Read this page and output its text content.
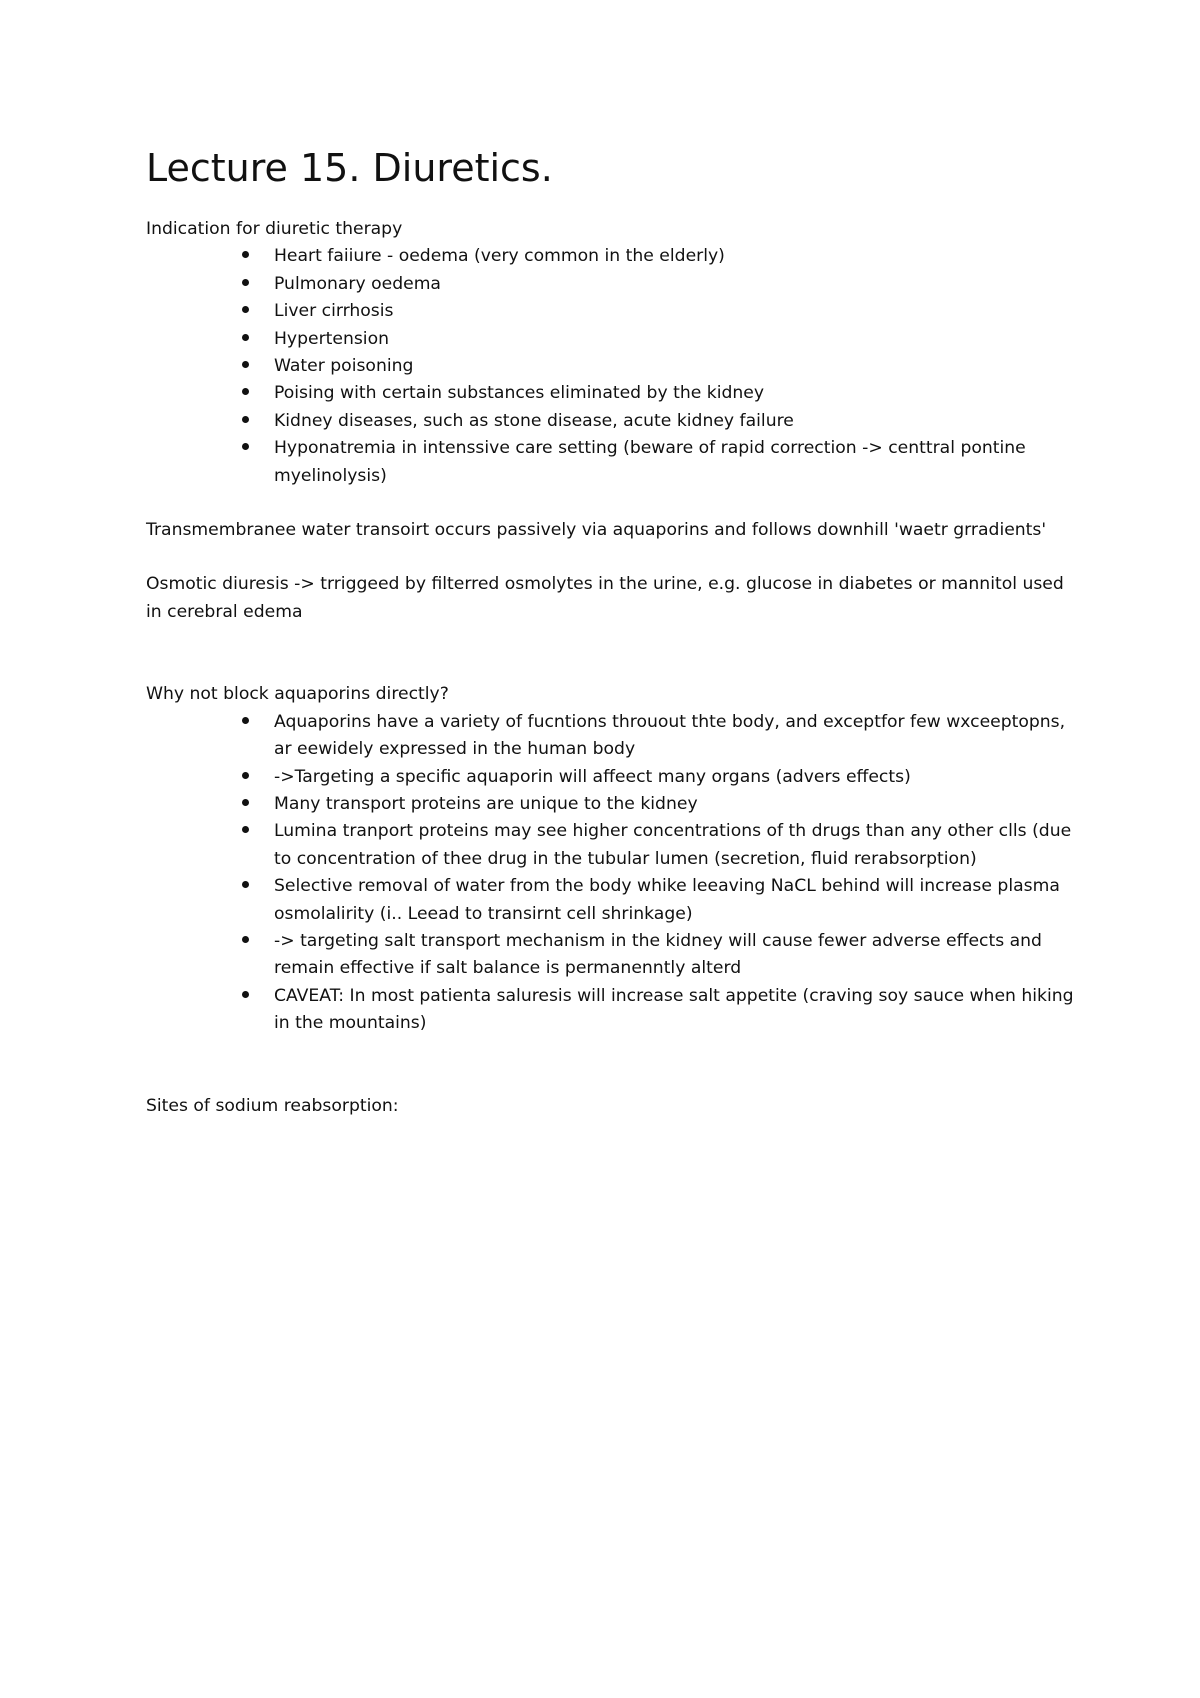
Lecture 15. Diuretics.

Indication for diuretic therapy

Heart faiiure - oedema (very common in the elderly)
Pulmonary oedema
Liver cirrhosis
Hypertension
Water poisoning
Poising with certain substances eliminated by the kidney
Kidney diseases, such as stone disease, acute kidney failure
Hyponatremia in intenssive care setting (beware of rapid correction -> centtral pontine myelinolysis)

Transmembranee water transoirt occurs passively via aquaporins and follows downhill 'waetr grradients'

Osmotic diuresis -> trriggeed by filterred osmolytes in the urine, e.g. glucose in diabetes or mannitol used in cerebral edema

Why not block aquaporins directly?

Aquaporins have a variety of fucntions throuout thte body, and exceptfor few wxceeptopns, ar eewidely expressed in the human body
->Targeting a specific aquaporin will affeect many organs (advers effects)
Many transport proteins are unique to the kidney
Lumina tranport proteins may see higher concentrations of th drugs than any other clls (due to concentration of thee drug in the tubular lumen (secretion, fluid rerabsorption)
Selective removal of water from the body whike leeaving NaCL behind will increase plasma osmolalirity (i.. Leead to transirnt cell shrinkage)
-> targeting salt transport mechanism in the kidney will cause fewer adverse effects and remain effective if salt balance is permanenntly alterd
CAVEAT: In most patienta saluresis will increase salt appetite (craving soy sauce when hiking in the mountains)

Sites of sodium reabsorption:
